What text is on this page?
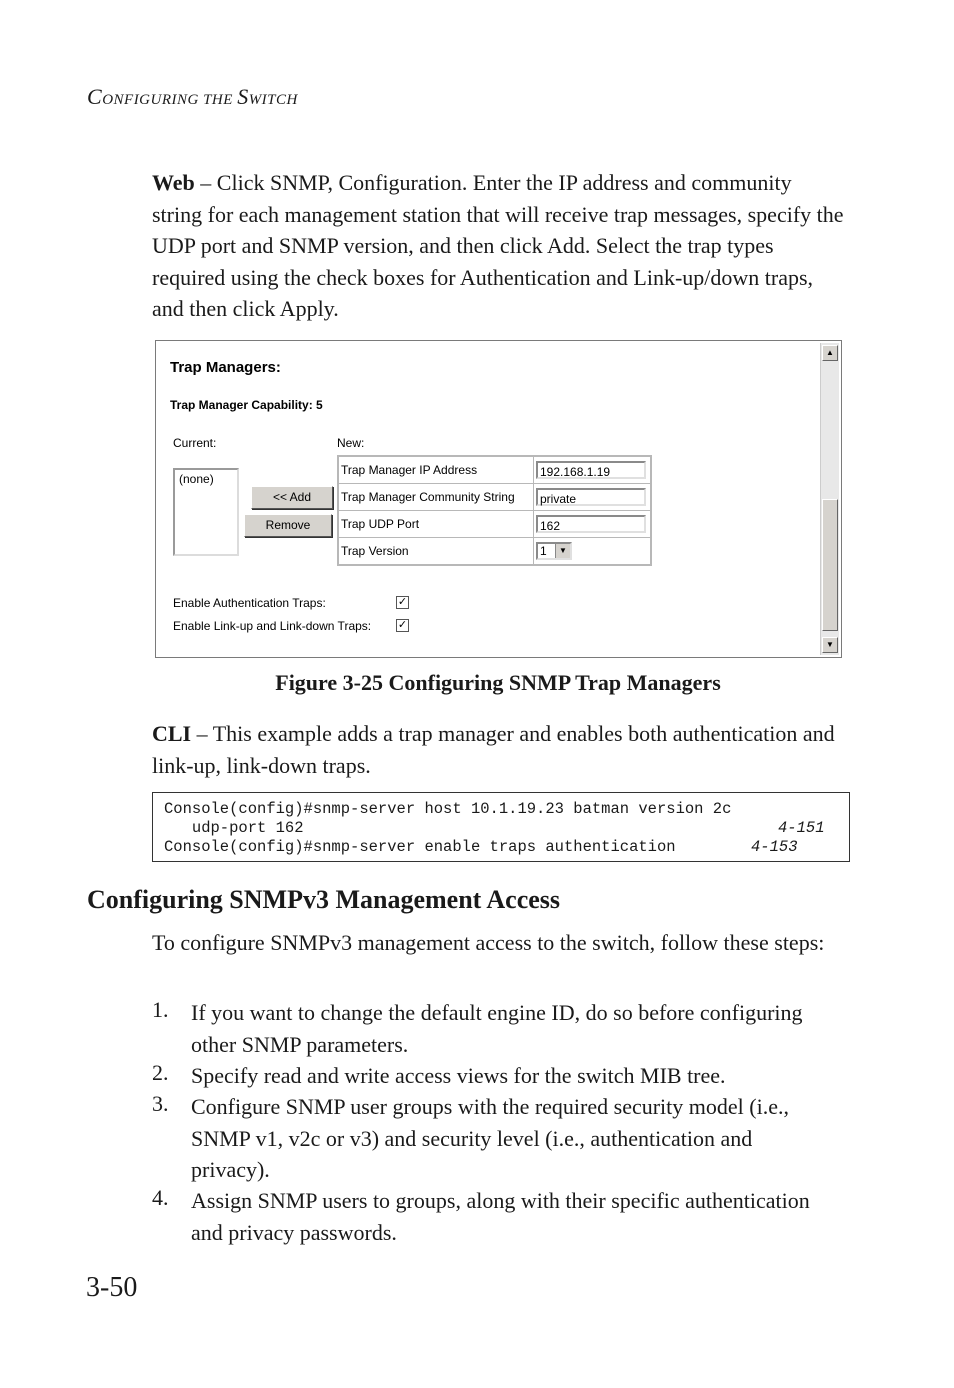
CONFIGURING THE SWITCH
Web – Click SNMP, Configuration. Enter the IP address and community string for each management station that will receive trap messages, specify the UDP port and SNMP version, and then click Add. Select the trap types required using the check boxes for Authentication and Link-up/down traps, and then click Apply.
Trap Managers:
Trap Manager Capability: 5
Current:	New:
(none)
<< Add
Remove
Trap Manager IP Address	192.168.1.19

Trap Manager Community String	private

Trap UDP Port	162

Trap Version	1 ▼
Enable Authentication Traps:	✓
Enable Link-up and Link-down Traps: ✓
▲
▼
Figure 3-25 Configuring SNMP Trap Managers
CLI – This example adds a trap manager and enables both authentication and link-up, link-down traps.
Console(config)#snmp-server host 10.1.19.23 batman version 2c
udp-port 162	4-151
Console(config)#snmp-server enable traps authentication	4-153
Configuring SNMPv3 Management Access
To configure SNMPv3 management access to the switch, follow these steps:
1. If you want to change the default engine ID, do so before configuring
other SNMP parameters.
2. Specify read and write access views for the switch MIB tree.
3. Configure SNMP user groups with the required security model (i.e.,
SNMP v1, v2c or v3) and security level (i.e., authentication and
privacy).
4. Assign SNMP users to groups, along with their specific authentication
and privacy passwords.
3-50
